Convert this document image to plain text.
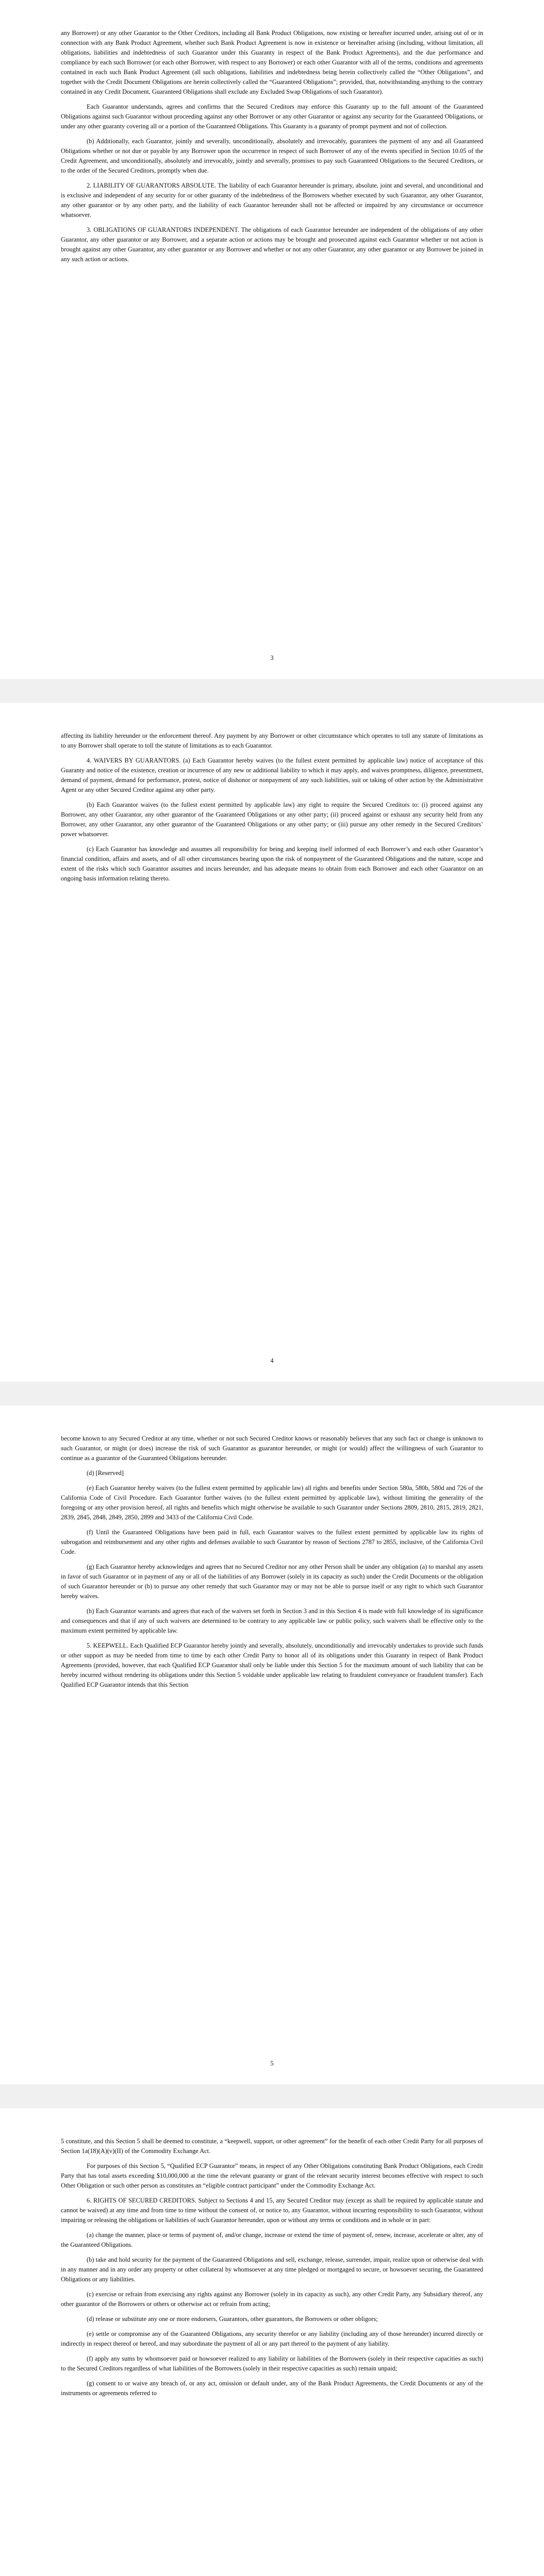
any Borrower) or any other Guarantor to the Other Creditors, including all Bank Product Obligations, now existing or hereafter incurred under, arising out of or in connection with any Bank Product Agreement, whether such Bank Product Agreement is now in existence or hereinafter arising (including, without limitation, all obligations, liabilities and indebtedness of such Guarantor under this Guaranty in respect of the Bank Product Agreements), and the due performance and compliance by each such Borrower (or each other Borrower, with respect to any Borrower) or each other Guarantor with all of the terms, conditions and agreements contained in each such Bank Product Agreement (all such obligations, liabilities and indebtedness being herein collectively called the “Other Obligations”, and together with the Credit Document Obligations are herein collectively called the “Guaranteed Obligations”; provided, that, notwithstanding anything to the contrary contained in any Credit Document, Guaranteed Obligations shall exclude any Excluded Swap Obligations of such Guarantor).

Each Guarantor understands, agrees and confirms that the Secured Creditors may enforce this Guaranty up to the full amount of the Guaranteed Obligations against such Guarantor without proceeding against any other Borrower or any other Guarantor or against any security for the Guaranteed Obligations, or under any other guaranty covering all or a portion of the Guaranteed Obligations. This Guaranty is a guaranty of prompt payment and not of collection.

(b) Additionally, each Guarantor, jointly and severally, unconditionally, absolutely and irrevocably, guarantees the payment of any and all Guaranteed Obligations whether or not due or payable by any Borrower upon the occurrence in respect of such Borrower of any of the events specified in Section 10.05 of the Credit Agreement, and unconditionally, absolutely and irrevocably, jointly and severally, promises to pay such Guaranteed Obligations to the Secured Creditors, or to the order of the Secured Creditors, promptly when due.

2. LIABILITY OF GUARANTORS ABSOLUTE. The liability of each Guarantor hereunder is primary, absolute, joint and several, and unconditional and is exclusive and independent of any security for or other guaranty of the indebtedness of the Borrowers whether executed by such Guarantor, any other Guarantor, any other guarantor or by any other party, and the liability of each Guarantor hereunder shall not be affected or impaired by any circumstance or occurrence whatsoever.

3. OBLIGATIONS OF GUARANTORS INDEPENDENT. The obligations of each Guarantor hereunder are independent of the obligations of any other Guarantor, any other guarantor or any Borrower, and a separate action or actions may be brought and prosecuted against each Guarantor whether or not action is brought against any other Guarantor, any other guarantor or any Borrower and whether or not any other Guarantor, any other guarantor or any Borrower be joined in any such action or actions.

3

affecting its liability hereunder or the enforcement thereof. Any payment by any Borrower or other circumstance which operates to toll any statute of limitations as to any Borrower shall operate to toll the statute of limitations as to each Guarantor.

4. WAIVERS BY GUARANTORS. (a) Each Guarantor hereby waives (to the fullest extent permitted by applicable law) notice of acceptance of this Guaranty and notice of the existence, creation or incurrence of any new or additional liability to which it may apply, and waives promptness, diligence, presentment, demand of payment, demand for performance, protest, notice of dishonor or nonpayment of any such liabilities, suit or taking of other action by the Administrative Agent or any other Secured Creditor against any other party.

(b) Each Guarantor waives (to the fullest extent permitted by applicable law) any right to require the Secured Creditors to: (i) proceed against any Borrower, any other Guarantor, any other guarantor of the Guaranteed Obligations or any other party; (ii) proceed against or exhaust any security held from any Borrower, any other Guarantor, any other guarantor of the Guaranteed Obligations or any other party; or (iii) pursue any other remedy in the Secured Creditors’ power whatsoever.

(c) Each Guarantor has knowledge and assumes all responsibility for being and keeping itself informed of each Borrower’s and each other Guarantor’s financial condition, affairs and assets, and of all other circumstances bearing upon the risk of nonpayment of the Guaranteed Obligations and the nature, scope and extent of the risks which such Guarantor assumes and incurs hereunder, and has adequate means to obtain from each Borrower and each other Guarantor on an ongoing basis information relating thereto.

4

become known to any Secured Creditor at any time, whether or not such Secured Creditor knows or reasonably believes that any such fact or change is unknown to such Guarantor, or might (or does) increase the risk of such Guarantor as guarantor hereunder, or might (or would) affect the willingness of such Guarantor to continue as a guarantor of the Guaranteed Obligations hereunder.

(d) [Reserved]

(e) Each Guarantor hereby waives (to the fullest extent permitted by applicable law) all rights and benefits under Section 580a, 580b, 580d and 726 of the California Code of Civil Procedure. Each Guarantor further waives (to the fullest extent permitted by applicable law), without limiting the generality of the foregoing or any other provision hereof, all rights and benefits which might otherwise be available to such Guarantor under Sections 2809, 2810, 2815, 2819, 2821, 2839, 2845, 2848, 2849, 2850, 2899 and 3433 of the California Civil Code.

(f) Until the Guaranteed Obligations have been paid in full, each Guarantor waives to the fullest extent permitted by applicable law its rights of subrogation and reimbursement and any other rights and defenses available to such Guarantor by reason of Sections 2787 to 2855, inclusive, of the California Civil Code.

(g) Each Guarantor hereby acknowledges and agrees that no Secured Creditor nor any other Person shall be under any obligation (a) to marshal any assets in favor of such Guarantor or in payment of any or all of the liabilities of any Borrower (solely in its capacity as such) under the Credit Documents or the obligation of such Guarantor hereunder or (b) to pursue any other remedy that such Guarantor may or may not be able to pursue itself or any right to which such Guarantor hereby waives.

(h) Each Guarantor warrants and agrees that each of the waivers set forth in Section 3 and in this Section 4 is made with full knowledge of its significance and consequences and that if any of such waivers are determined to be contrary to any applicable law or public policy, such waivers shall be effective only to the maximum extent permitted by applicable law.

5. KEEPWELL. Each Qualified ECP Guarantor hereby jointly and severally, absolutely, unconditionally and irrevocably undertakes to provide such funds or other support as may be needed from time to time by each other Credit Party to honor all of its obligations under this Guaranty in respect of Bank Product Agreements (provided, however, that each Qualified ECP Guarantor shall only be liable under this Section 5 for the maximum amount of such liability that can be hereby incurred without rendering its obligations under this Section 5 voidable under applicable law relating to fraudulent conveyance or fraudulent transfer). Each Qualified ECP Guarantor intends that this Section

5

5 constitute, and this Section 5 shall be deemed to constitute, a “keepwell, support, or other agreement” for the benefit of each other Credit Party for all purposes of Section 1a(18)(A)(v)(II) of the Commodity Exchange Act.

For purposes of this Section 5, “Qualified ECP Guarantor” means, in respect of any Other Obligations constituting Bank Product Obligations, each Credit Party that has total assets exceeding $10,000,000 at the time the relevant guaranty or grant of the relevant security interest becomes effective with respect to such Other Obligation or such other person as constitutes an “eligible contract participant” under the Commodity Exchange Act.

6. RIGHTS OF SECURED CREDITORS. Subject to Sections 4 and 15, any Secured Creditor may (except as shall be required by applicable statute and cannot be waived) at any time and from time to time without the consent of, or notice to, any Guarantor, without incurring responsibility to such Guarantor, without impairing or releasing the obligations or liabilities of such Guarantor hereunder, upon or without any terms or conditions and in whole or in part:

(a) change the manner, place or terms of payment of, and/or change, increase or extend the time of payment of, renew, increase, accelerate or alter, any of the Guaranteed Obligations.

(b) take and hold security for the payment of the Guaranteed Obligations and sell, exchange, release, surrender, impair, realize upon or otherwise deal with in any manner and in any order any property or other collateral by whomsoever at any time pledged or mortgaged to secure, or howsoever securing, the Guaranteed Obligations or any liabilities.

(c) exercise or refrain from exercising any rights against any Borrower (solely in its capacity as such), any other Credit Party, any Subsidiary thereof, any other guarantor of the Borrowers or others or otherwise act or refrain from acting;

(d) release or substitute any one or more endorsers, Guarantors, other guarantors, the Borrowers or other obligors;

(e) settle or compromise any of the Guaranteed Obligations, any security therefor or any liability (including any of those hereunder) incurred directly or indirectly in respect thereof or hereof, and may subordinate the payment of all or any part thereof to the payment of any liability.

(f) apply any sums by whomsoever paid or howsoever realized to any liability or liabilities of the Borrowers (solely in their respective capacities as such) to the Secured Creditors regardless of what liabilities of the Borrowers (solely in their respective capacities as such) remain unpaid;

(g) consent to or waive any breach of, or any act, omission or default under, any of the Bank Product Agreements, the Credit Documents or any of the instruments or agreements referred to
